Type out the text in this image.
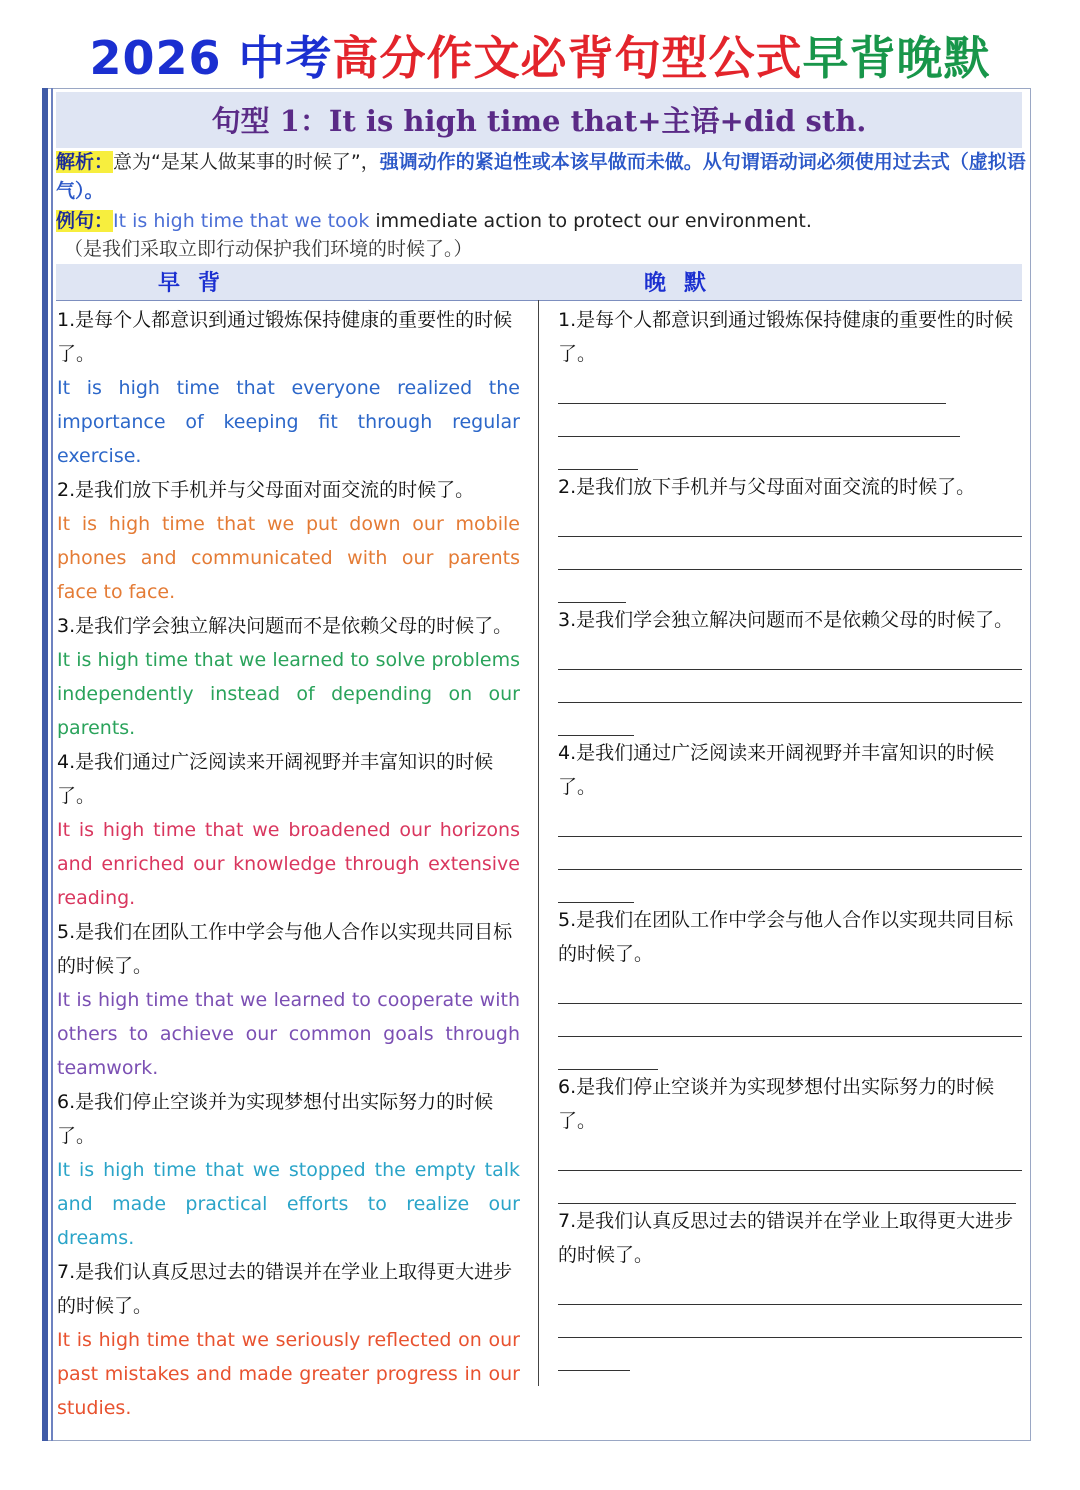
2026 中考高分作文必背句型公式早背晚默
句型 1：It is high time that+主语+did sth.
解析：意为“是某人做某事的时候了”，强调动作的紧迫性或本该早做而未做。从句谓语动词必须使用过去式（虚拟语气）。
例句：It is high time that we took immediate action to protect our environment.
（是我们采取立即行动保护我们环境的时候了。）
早背	晚默

1.是每个人都意识到通过锻炼保持健康的重要性的时候了。

It is high time that everyone realized the importance of keeping fit through regular exercise.

2.是我们放下手机并与父母面对面交流的时候了。

It is high time that we put down our mobile phones and communicated with our parents face to face.

3.是我们学会独立解决问题而不是依赖父母的时候了。

It is high time that we learned to solve problems independently instead of depending on our parents.

4.是我们通过广泛阅读来开阔视野并丰富知识的时候了。

It is high time that we broadened our horizons and enriched our knowledge through extensive reading.

5.是我们在团队工作中学会与他人合作以实现共同目标的时候了。

It is high time that we learned to cooperate with others to achieve our common goals through teamwork.

6.是我们停止空谈并为实现梦想付出实际努力的时候了。

It is high time that we stopped the empty talk and made practical efforts to realize our dreams.

7.是我们认真反思过去的错误并在学业上取得更大进步的时候了。

It is high time that we seriously reflected on our past mistakes and made greater progress in our studies.

1.是每个人都意识到通过锻炼保持健康的重要性的时候了。

2.是我们放下手机并与父母面对面交流的时候了。

3.是我们学会独立解决问题而不是依赖父母的时候了。

4.是我们通过广泛阅读来开阔视野并丰富知识的时候了。

5.是我们在团队工作中学会与他人合作以实现共同目标的时候了。

6.是我们停止空谈并为实现梦想付出实际努力的时候了。

7.是我们认真反思过去的错误并在学业上取得更大进步的时候了。
